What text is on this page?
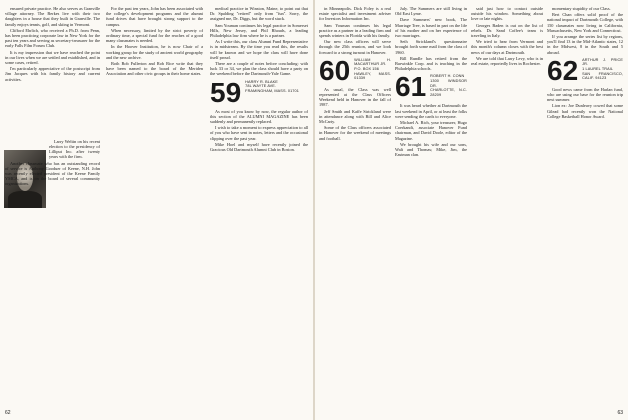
ensured private practice. He also serves as Granville village attorney. The Berkes live with their two daughters in a house that they built in Granville. The family enjoys tennis, golf, and skiing in Vermont.

Clifford Ehrlich, who received a Ph.D. from Penn, has been practicing corporate law in New York for the past ten years and serving as secretary-treasurer for the early Falls Film Forum Club.

It is my impression that we have reached the point in our lives when we are settled and established, and in some cases, retired.

I'm particularly appreciative of the postscript from Jim Jacques with his family history and current activities.

Larry Weltin on his recent election to the presidency of Lilliput Inc. after twenty years with the firm.

Another classmate who has an outstanding record of service is Anthony Gooduer of Keene, N.H. John was recently elected president of the Keene Family YMCA, and is on the board of several community organizations.

For the past ten years, John has been associated with the college's development programs and the alumni fund drives that have brought strong support to the campus.

When necessary, limited by the strict poverty of ordinary time, a special fund for the reaches of a good many classmates is needed.

In the Hoover Institution, he is now Chair of a working group for the study of ancient world geography and the new archive.

Both Bob Fullerton and Rob Rice write that they have been named to the board of the Meriden Association and other civic groups in their home states.

medical practice in Winston, Maine, to point out that Dr. Spalding "retired" only from "fun". Sorry, the assigned me, Dr. Diggs, but the word stuck.

Sam Youman continues his legal practice in Somerset Hills, New Jersey, and Phil Rhoads, a leading Philadelphia law firm where he is a partner.

As I write this, our class Alumni Fund Representative is in midstream. By the time you read this, the results will be known and we hope the class will have done itself proud.

There are a couple of notes before concluding: with luck 33 or 34, we plan the class should have a party on the weekend before the Dartmouth-Yale Game.

59 HARRY R. BLAKE
78L WAYTE AVE.
FRAMINGHAM, MASS. 01701

As most of you know by now, the regular author of this section of the ALUMNI MAGAZINE has been suddenly and permanently replaced.

I wish to take a moment to express appreciation to all of you who have sent in notes, letters and the occasional clipping over the past year.

Mike Hoel and myself have recently joined the Gracious Old Dartmouth Alumni Club in Boston.

62

in Minneapolis. Dick Foley is a real estate specialist and investment adviser for Investors Information Inc.

Sam Youman continues his legal practice as a partner in a leading firm and spends winters in Florida with his family.

Our new class officers will serve through the 25th reunion, and we look forward to a strong turnout in Hanover.

60 WILLIAM H. MACARTHUR JR.
P.O. BOX 156
HAWLEY, MASS. 01339

As usual, the Class was well represented at the Class Officers Weekend held in Hanover in the fall of 1987.

Jeff Smith and Kaffe Strickland were in attendance along with Bill and Alice McCarty.

Some of the Class officers associated in Hanover for the weekend of meetings and football.

July. The Summers are still living in Old East Lyme.

Dave Summers' new book, The Marriage Tree, is based in part on the life of his mother and on her experience of two marriages.

Seth Strickland's questionnaire brought forth some mail from the class of 1960.

Bill Rundle has retired from the Barwinkle Corp. and is teaching in the Philadelphia schools.

61 ROBERT H. CONN
1300 WINDSOR DR.
CHARLOTTE, N.C. 28209

It was heard whether at Dartmouth the last weekend in April, or at least the folks were sending the cards to everyone.

Michael A. Rich, your treasurer, Hugo Coerkandt, associate Hanover Fund chairman, and David Doole, editor of the Magazine.

We brought his wife and our sons, Walt and Thomas; Mike, Jim, the Eastman clan.

said just how to contact outside outside his window. Something about love or late nights.

Georges Baden is out on the list of rebels. Dr. Sand Coffee's team is traveling in Italy.

We tried to hear from Vermont and this month's column closes with the best news of our days at Dartmouth.

We are told that Larry Levy, who is in real estate, reportedly lives in Rochester.

momentary stupidity of our Class.

Bert Chan offers solid proof of the national impact of Dartmouth College, with 150 classmates now living in California, Massachusetts, New York and Connecticut.

If you arrange the series list by regions, you'll find 13 in the Mid-Atlantic states, 12 in the Midwest, 8 in the South and 5 abroad.

62 ARTHUR J. PRICE JR.
1 LAUREL TRAIL
SAN FRANCISCO, CALIF. 94123

Good news came from the Harlan fund, who are using our base for the reunion trip next summer.

Lion ex: Joe Dunleavy cowed that some Gilead had recently won the National College Basketball Honor Award.

63
